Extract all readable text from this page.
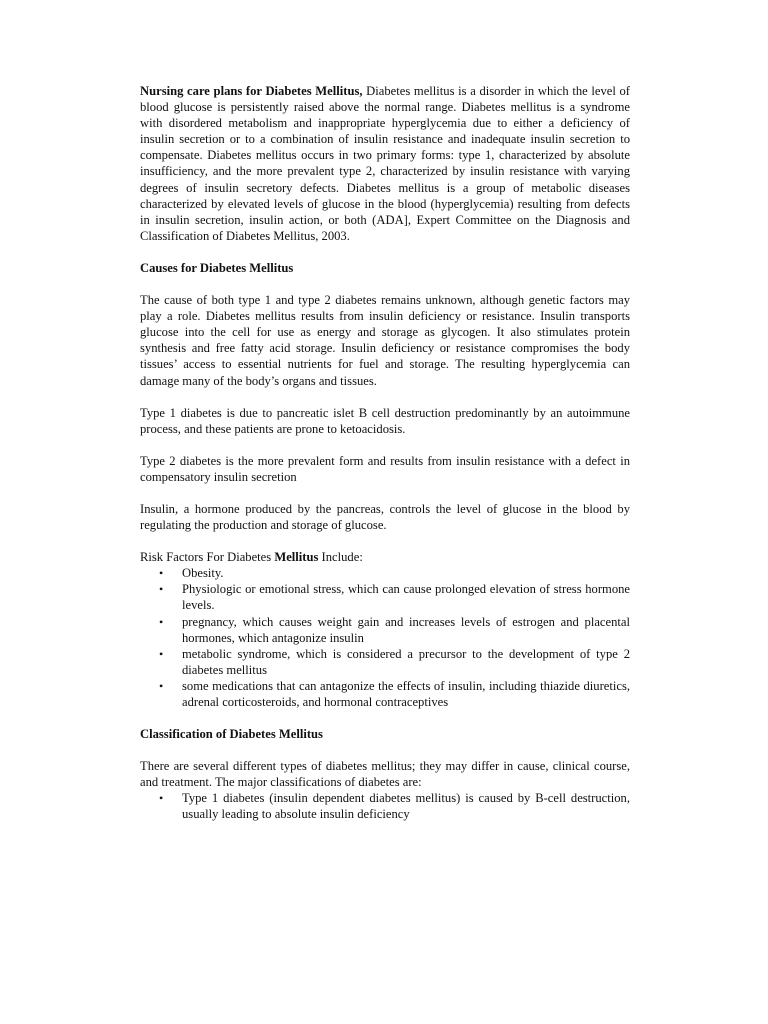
Nursing care plans for Diabetes Mellitus, Diabetes mellitus is a disorder in which the level of blood glucose is persistently raised above the normal range. Diabetes mellitus is a syndrome with disordered metabolism and inappropriate hyperglycemia due to either a deficiency of insulin secretion or to a combination of insulin resistance and inadequate insulin secretion to compensate. Diabetes mellitus occurs in two primary forms: type 1, characterized by absolute insufficiency, and the more prevalent type 2, characterized by insulin resistance with varying degrees of insulin secretory defects. Diabetes mellitus is a group of metabolic diseases characterized by elevated levels of glucose in the blood (hyperglycemia) resulting from defects in insulin secretion, insulin action, or both (ADA], Expert Committee on the Diagnosis and Classification of Diabetes Mellitus, 2003.

Causes for Diabetes Mellitus

The cause of both type 1 and type 2 diabetes remains unknown, although genetic factors may play a role. Diabetes mellitus results from insulin deficiency or resistance. Insulin transports glucose into the cell for use as energy and storage as glycogen. It also stimulates protein synthesis and free fatty acid storage. Insulin deficiency or resistance compromises the body tissues’ access to essential nutrients for fuel and storage. The resulting hyperglycemia can damage many of the body’s organs and tissues.

Type 1 diabetes is due to pancreatic islet B cell destruction predominantly by an autoimmune process, and these patients are prone to ketoacidosis.

Type 2 diabetes is the more prevalent form and results from insulin resistance with a defect in compensatory insulin secretion

Insulin, a hormone produced by the pancreas, controls the level of glucose in the blood by regulating the production and storage of glucose.

Risk Factors For Diabetes Mellitus Include:

• Obesity.
• Physiologic or emotional stress, which can cause prolonged elevation of stress hormone levels.
• pregnancy, which causes weight gain and increases levels of estrogen and placental hormones, which antagonize insulin
• metabolic syndrome, which is considered a precursor to the development of type 2 diabetes mellitus
• some medications that can antagonize the effects of insulin, including thiazide diuretics, adrenal corticosteroids, and hormonal contraceptives

Classification of Diabetes Mellitus

There are several different types of diabetes mellitus; they may differ in cause, clinical course, and treatment. The major classifications of diabetes are:

• Type 1 diabetes (insulin dependent diabetes mellitus) is caused by B-cell destruction, usually leading to absolute insulin deficiency
